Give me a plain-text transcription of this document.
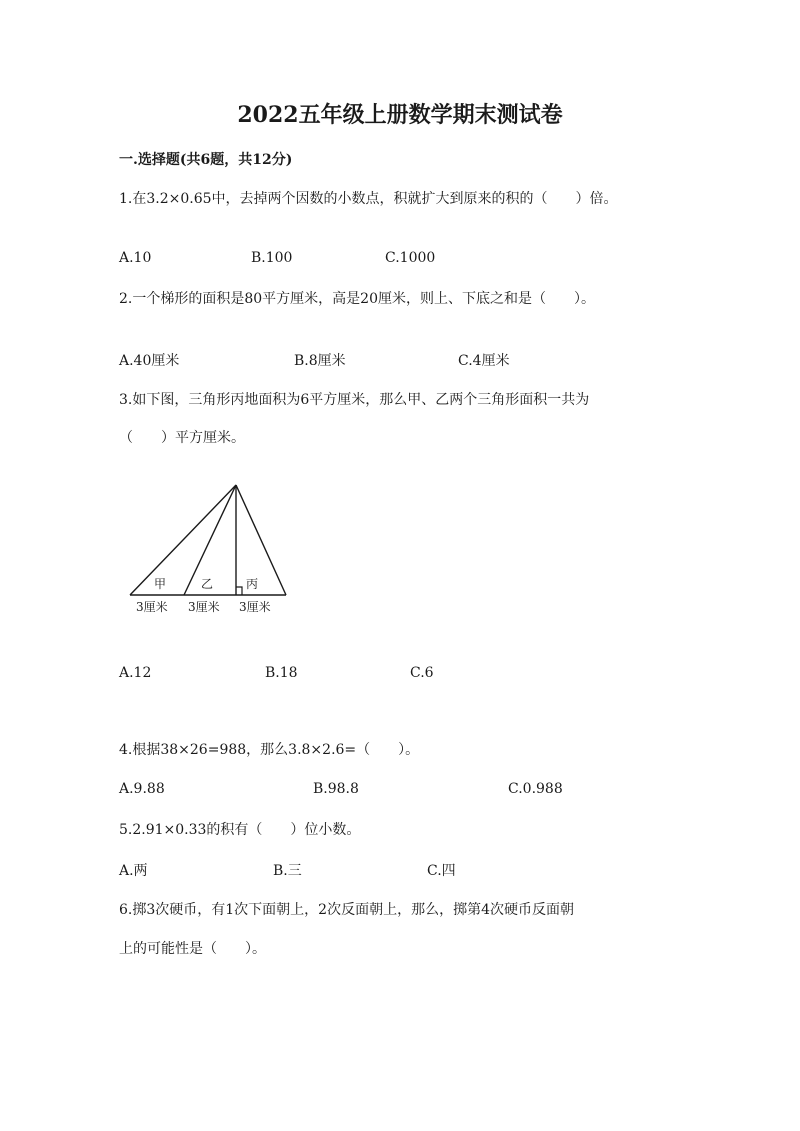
2022五年级上册数学期末测试卷

一.选择题(共6题，共12分)

1.在3.2×0.65中，去掉两个因数的小数点，积就扩大到原来的积的（　　）倍。

A.10	B.100	C.1000

2.一个梯形的面积是80平方厘米，高是20厘米，则上、下底之和是（　　）。

A.40厘米	B.8厘米	C.4厘米

3.如下图，三角形丙地面积为6平方厘米，那么甲、乙两个三角形面积一共为

（　　）平方厘米。

甲	乙	丙
3厘米 3厘米 3厘米
A.12	B.18	C.6

4.根据38×26=988，那么3.8×2.6=（　　）。

A.9.88	B.98.8	C.0.988

5.2.91×0.33的积有（　　）位小数。

A.两	B.三	C.四

6.掷3次硬币，有1次下面朝上，2次反面朝上，那么，掷第4次硬币反面朝

上的可能性是（　　）。
